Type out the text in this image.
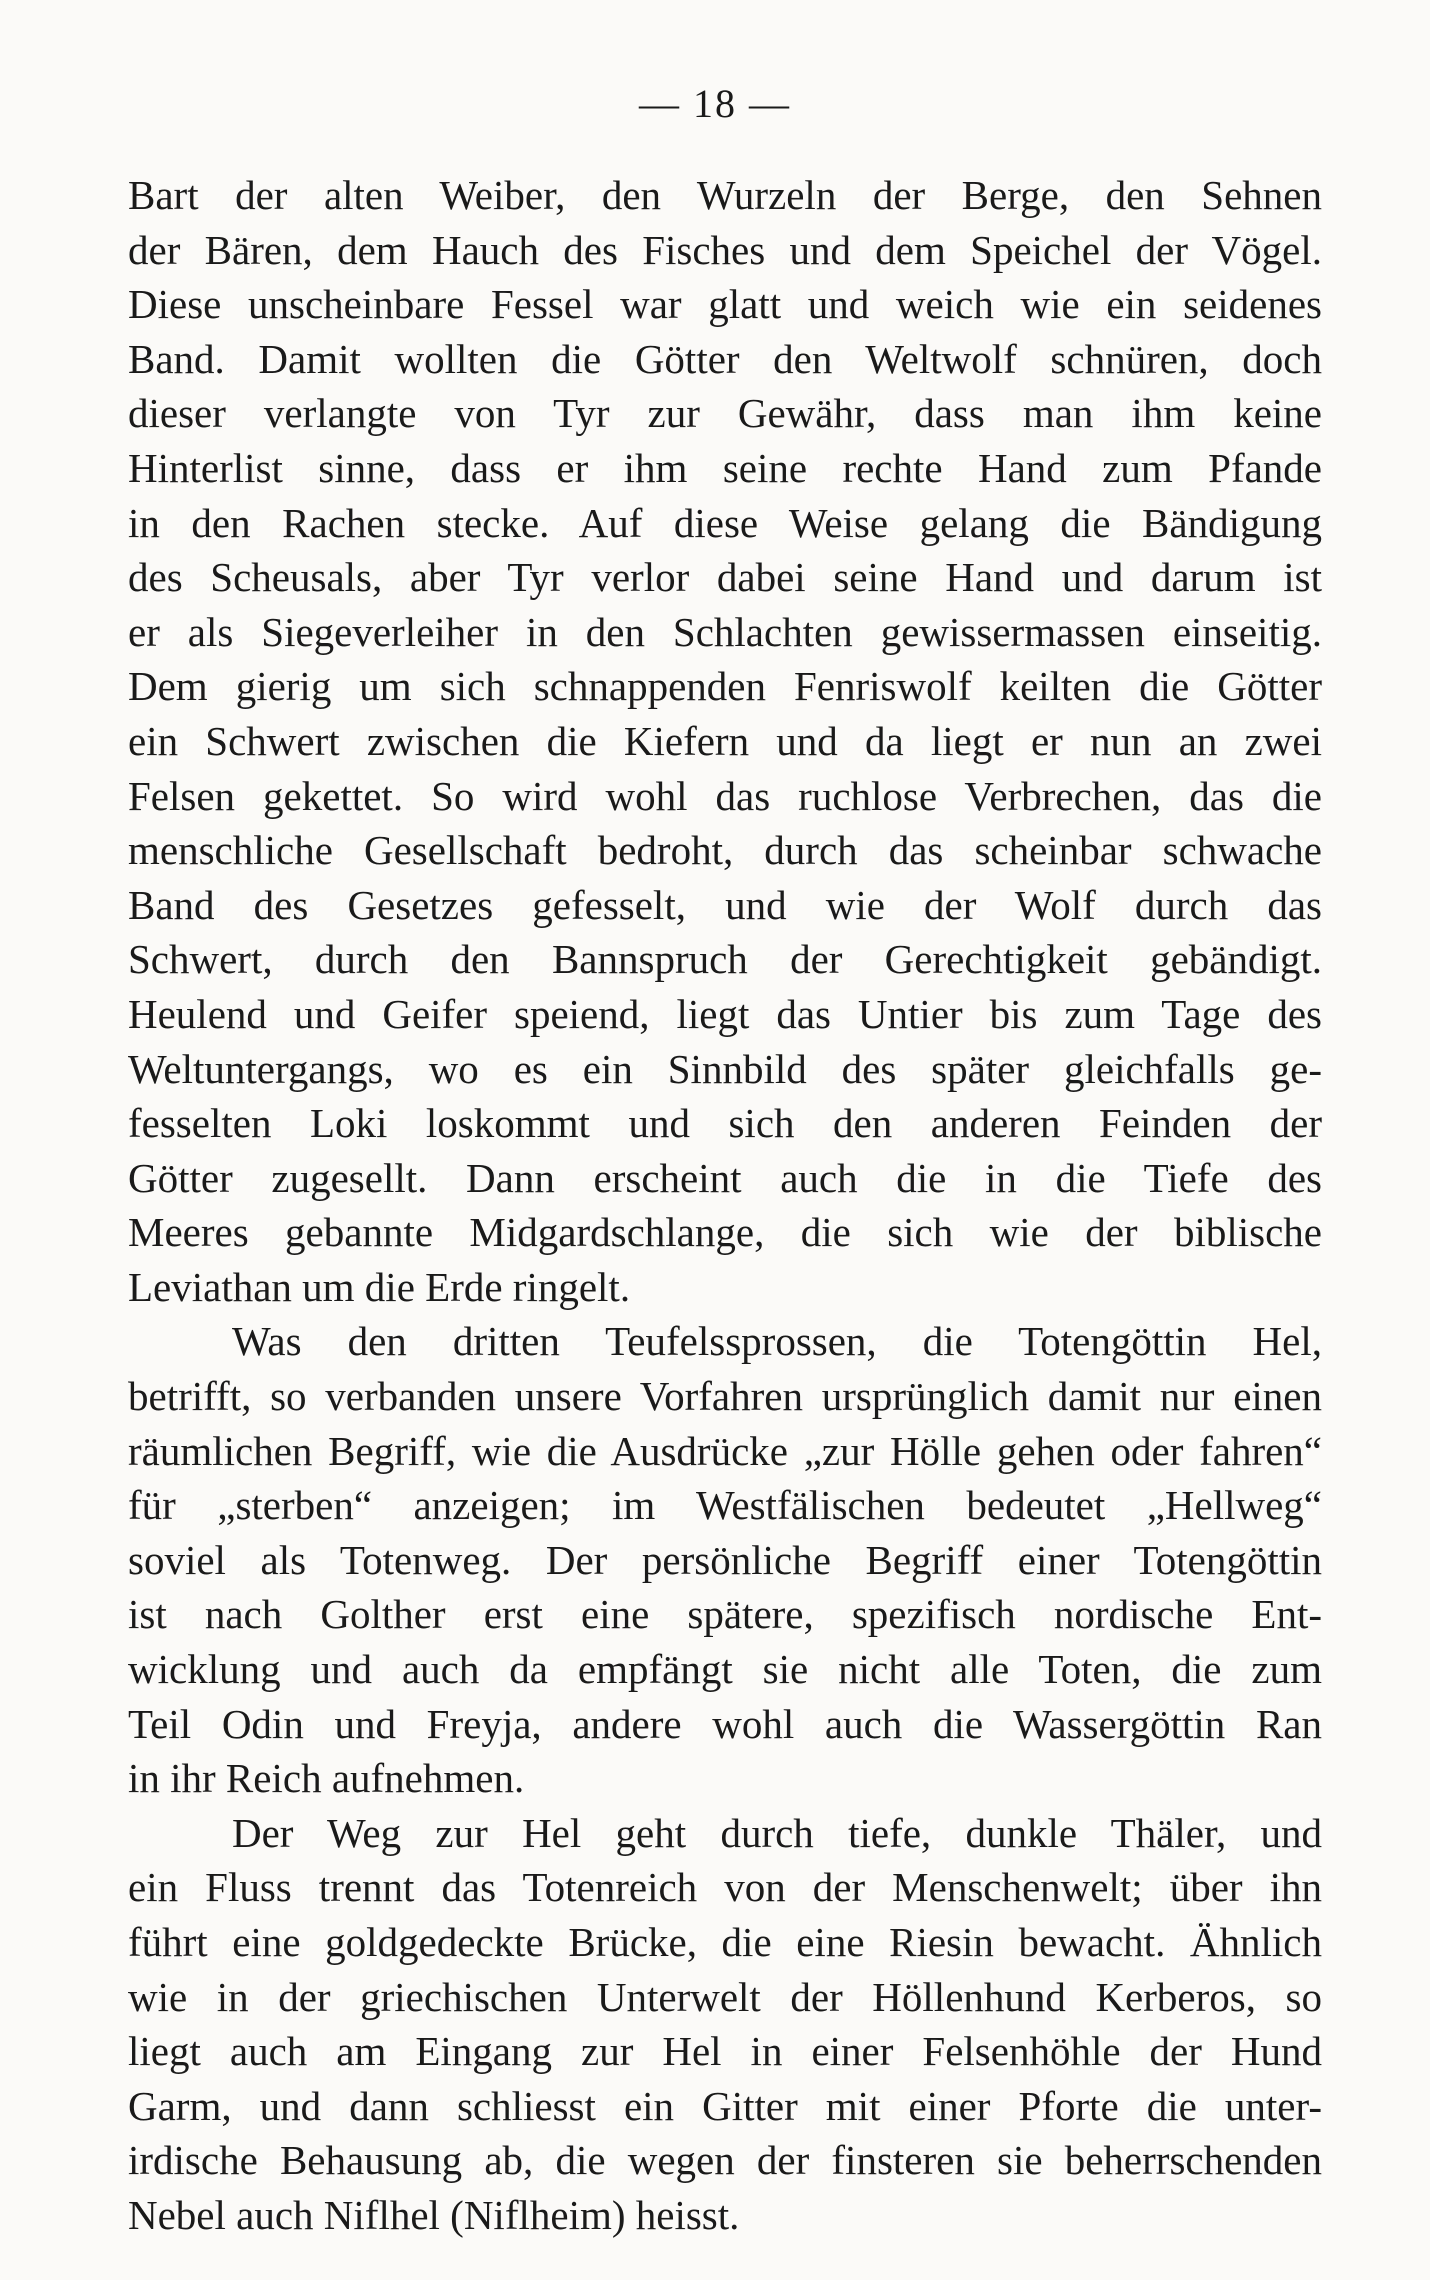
— 18 —
Bart der alten Weiber, den Wurzeln der Berge, den Sehnen
der Bären, dem Hauch des Fisches und dem Speichel der Vögel.
Diese unscheinbare Fessel war glatt und weich wie ein seidenes
Band. Damit wollten die Götter den Weltwolf schnüren, doch
dieser verlangte von Tyr zur Gewähr, dass man ihm keine
Hinterlist sinne, dass er ihm seine rechte Hand zum Pfande
in den Rachen stecke. Auf diese Weise gelang die Bändigung
des Scheusals, aber Tyr verlor dabei seine Hand und darum ist
er als Siegeverleiher in den Schlachten gewissermassen einseitig.
Dem gierig um sich schnappenden Fenriswolf keilten die Götter
ein Schwert zwischen die Kiefern und da liegt er nun an zwei
Felsen gekettet. So wird wohl das ruchlose Verbrechen, das die
menschliche Gesellschaft bedroht, durch das scheinbar schwache
Band des Gesetzes gefesselt, und wie der Wolf durch das
Schwert, durch den Bannspruch der Gerechtigkeit gebändigt.
Heulend und Geifer speiend, liegt das Untier bis zum Tage des
Weltuntergangs, wo es ein Sinnbild des später gleichfalls ge-
fesselten Loki loskommt und sich den anderen Feinden der
Götter zugesellt. Dann erscheint auch die in die Tiefe des
Meeres gebannte Midgardschlange, die sich wie der biblische
Leviathan um die Erde ringelt.
Was den dritten Teufelssprossen, die Totengöttin Hel,
betrifft, so verbanden unsere Vorfahren ursprünglich damit nur einen
räumlichen Begriff, wie die Ausdrücke „zur Hölle gehen oder fahren“
für „sterben“ anzeigen; im Westfälischen bedeutet „Hellweg“
soviel als Totenweg. Der persönliche Begriff einer Totengöttin
ist nach Golther erst eine spätere, spezifisch nordische Ent-
wicklung und auch da empfängt sie nicht alle Toten, die zum
Teil Odin und Freyja, andere wohl auch die Wassergöttin Ran
in ihr Reich aufnehmen.
Der Weg zur Hel geht durch tiefe, dunkle Thäler, und
ein Fluss trennt das Totenreich von der Menschenwelt; über ihn
führt eine goldgedeckte Brücke, die eine Riesin bewacht. Ähnlich
wie in der griechischen Unterwelt der Höllenhund Kerberos, so
liegt auch am Eingang zur Hel in einer Felsenhöhle der Hund
Garm, und dann schliesst ein Gitter mit einer Pforte die unter-
irdische Behausung ab, die wegen der finsteren sie beherrschenden
Nebel auch Niflhel (Niflheim) heisst.
